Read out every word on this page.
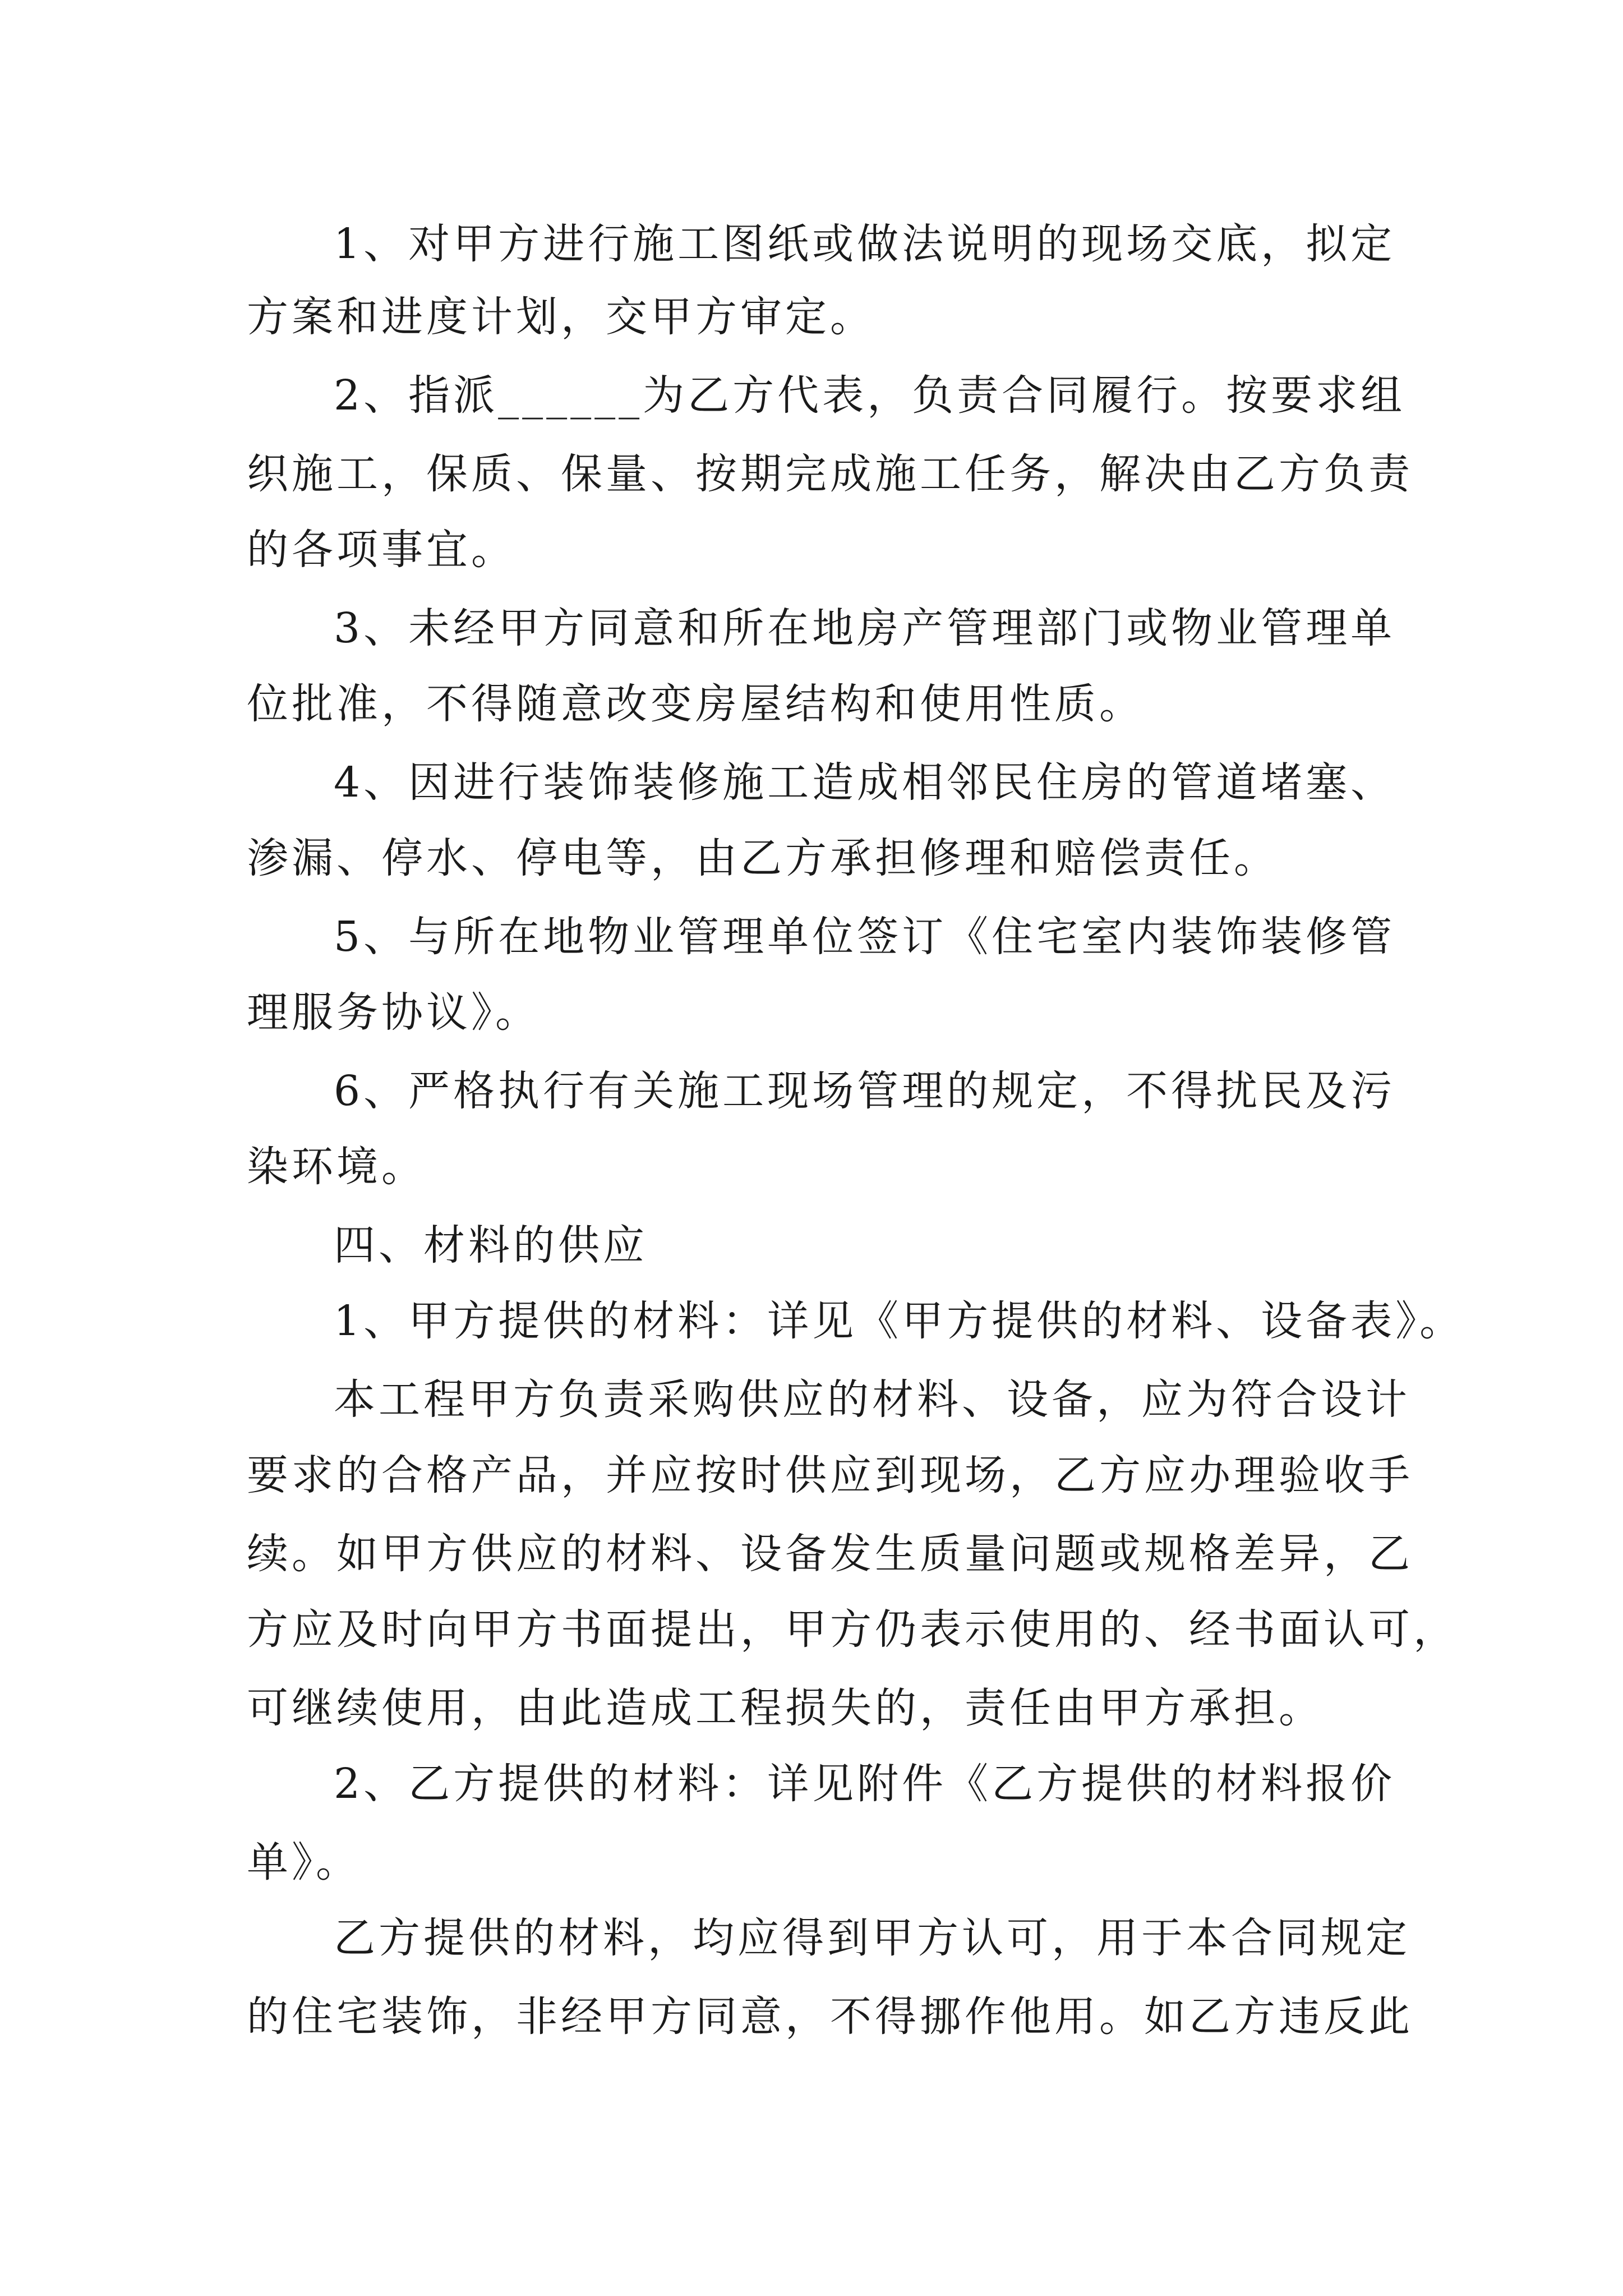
1、对甲方进行施工图纸或做法说明的现场交底，拟定
方案和进度计划，交甲方审定。
2、指派______为乙方代表，负责合同履行。按要求组
织施工，保质、保量、按期完成施工任务，解决由乙方负责
的各项事宜。
3、未经甲方同意和所在地房产管理部门或物业管理单
位批准，不得随意改变房屋结构和使用性质。
4、因进行装饰装修施工造成相邻民住房的管道堵塞、
渗漏、停水、停电等，由乙方承担修理和赔偿责任。
5、与所在地物业管理单位签订《住宅室内装饰装修管
理服务协议》。
6、严格执行有关施工现场管理的规定，不得扰民及污
染环境。
四、材料的供应
1、甲方提供的材料：详见《甲方提供的材料、设备表》。
本工程甲方负责采购供应的材料、设备，应为符合设计
要求的合格产品，并应按时供应到现场，乙方应办理验收手
续。如甲方供应的材料、设备发生质量问题或规格差异，乙
方应及时向甲方书面提出，甲方仍表示使用的、经书面认可，
可继续使用，由此造成工程损失的，责任由甲方承担。
2、乙方提供的材料：详见附件《乙方提供的材料报价
单》。
乙方提供的材料，均应得到甲方认可，用于本合同规定
的住宅装饰，非经甲方同意，不得挪作他用。如乙方违反此
